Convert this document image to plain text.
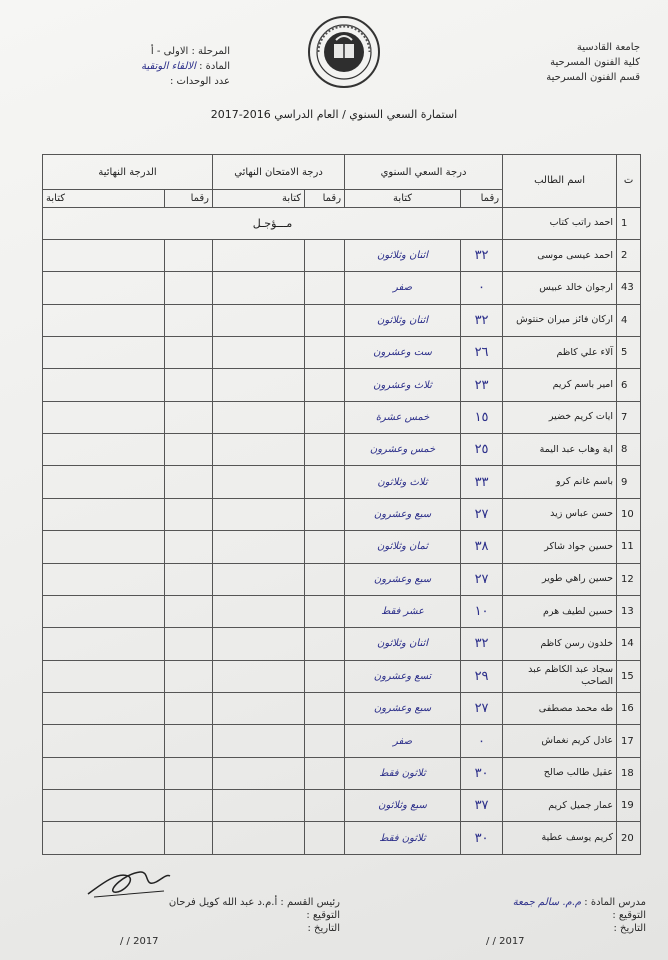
جامعة القادسية
كلية الفنون المسرحية
قسم الفنون المسرحية
المرحلة : الاولى - أ
المادة : الالقاء الوتقية
عدد الوحدات :
استمارة السعي السنوي / العام الدراسي 2016-2017
ت	اسم الطالب	درجة السعي السنوي		درجة الامتحان النهائي		الدرجة النهائية	
		رقما	كتابة	رقما	كتابة	رقما	كتابة
1	احمد راتب كتاب	مـــؤجـل					
2	احمد عيسى موسى	٣٢	اثنان وثلاثون				
43	ارجوان خالد عبيس	٠	صفر				
4	اركان فائز ميران حنتوش	٣٢	اثنان وثلاثون				
5	آلاء علي كاظم	٢٦	ست وعشرون				
6	امير باسم كريم	٢٣	ثلاث وعشرون				
7	ايات كريم خضير	١٥	خمس عشرة				
8	اية وهاب عبد اليمة	٢٥	خمس وعشرون				
9	باسم غانم كرو	٣٣	ثلاث وثلاثون				
10	حسن عباس زيد	٢٧	سبع وعشرون				
11	حسين جواد شاكر	٣٨	ثمان وثلاثون				
12	حسين راهي طوير	٢٧	سبع وعشرون				
13	حسين لطيف هرم	١٠	عشر فقط				
14	خلدون رسن كاظم	٣٢	اثنان وثلاثون				
15	سجاد عبد الكاظم عبد الصاحب	٢٩	تسع وعشرون				
16	طه محمد مصطفى	٢٧	سبع وعشرون				
17	عادل كريم نغماش	٠	صفر				
18	عقيل طالب صالح	٣٠	ثلاثون فقط				
19	عمار جميل كريم	٣٧	سبع وثلاثون				
20	كريم يوسف عطية	٣٠	ثلاثون فقط				
رئيس القسم : أ.م.د عبد الله كويل فرحان
التوقيع :
التاريخ :
/ / 2017
مدرس المادة : م.م. سالم جمعة
التوقيع :
التاريخ :
/ / 2017
